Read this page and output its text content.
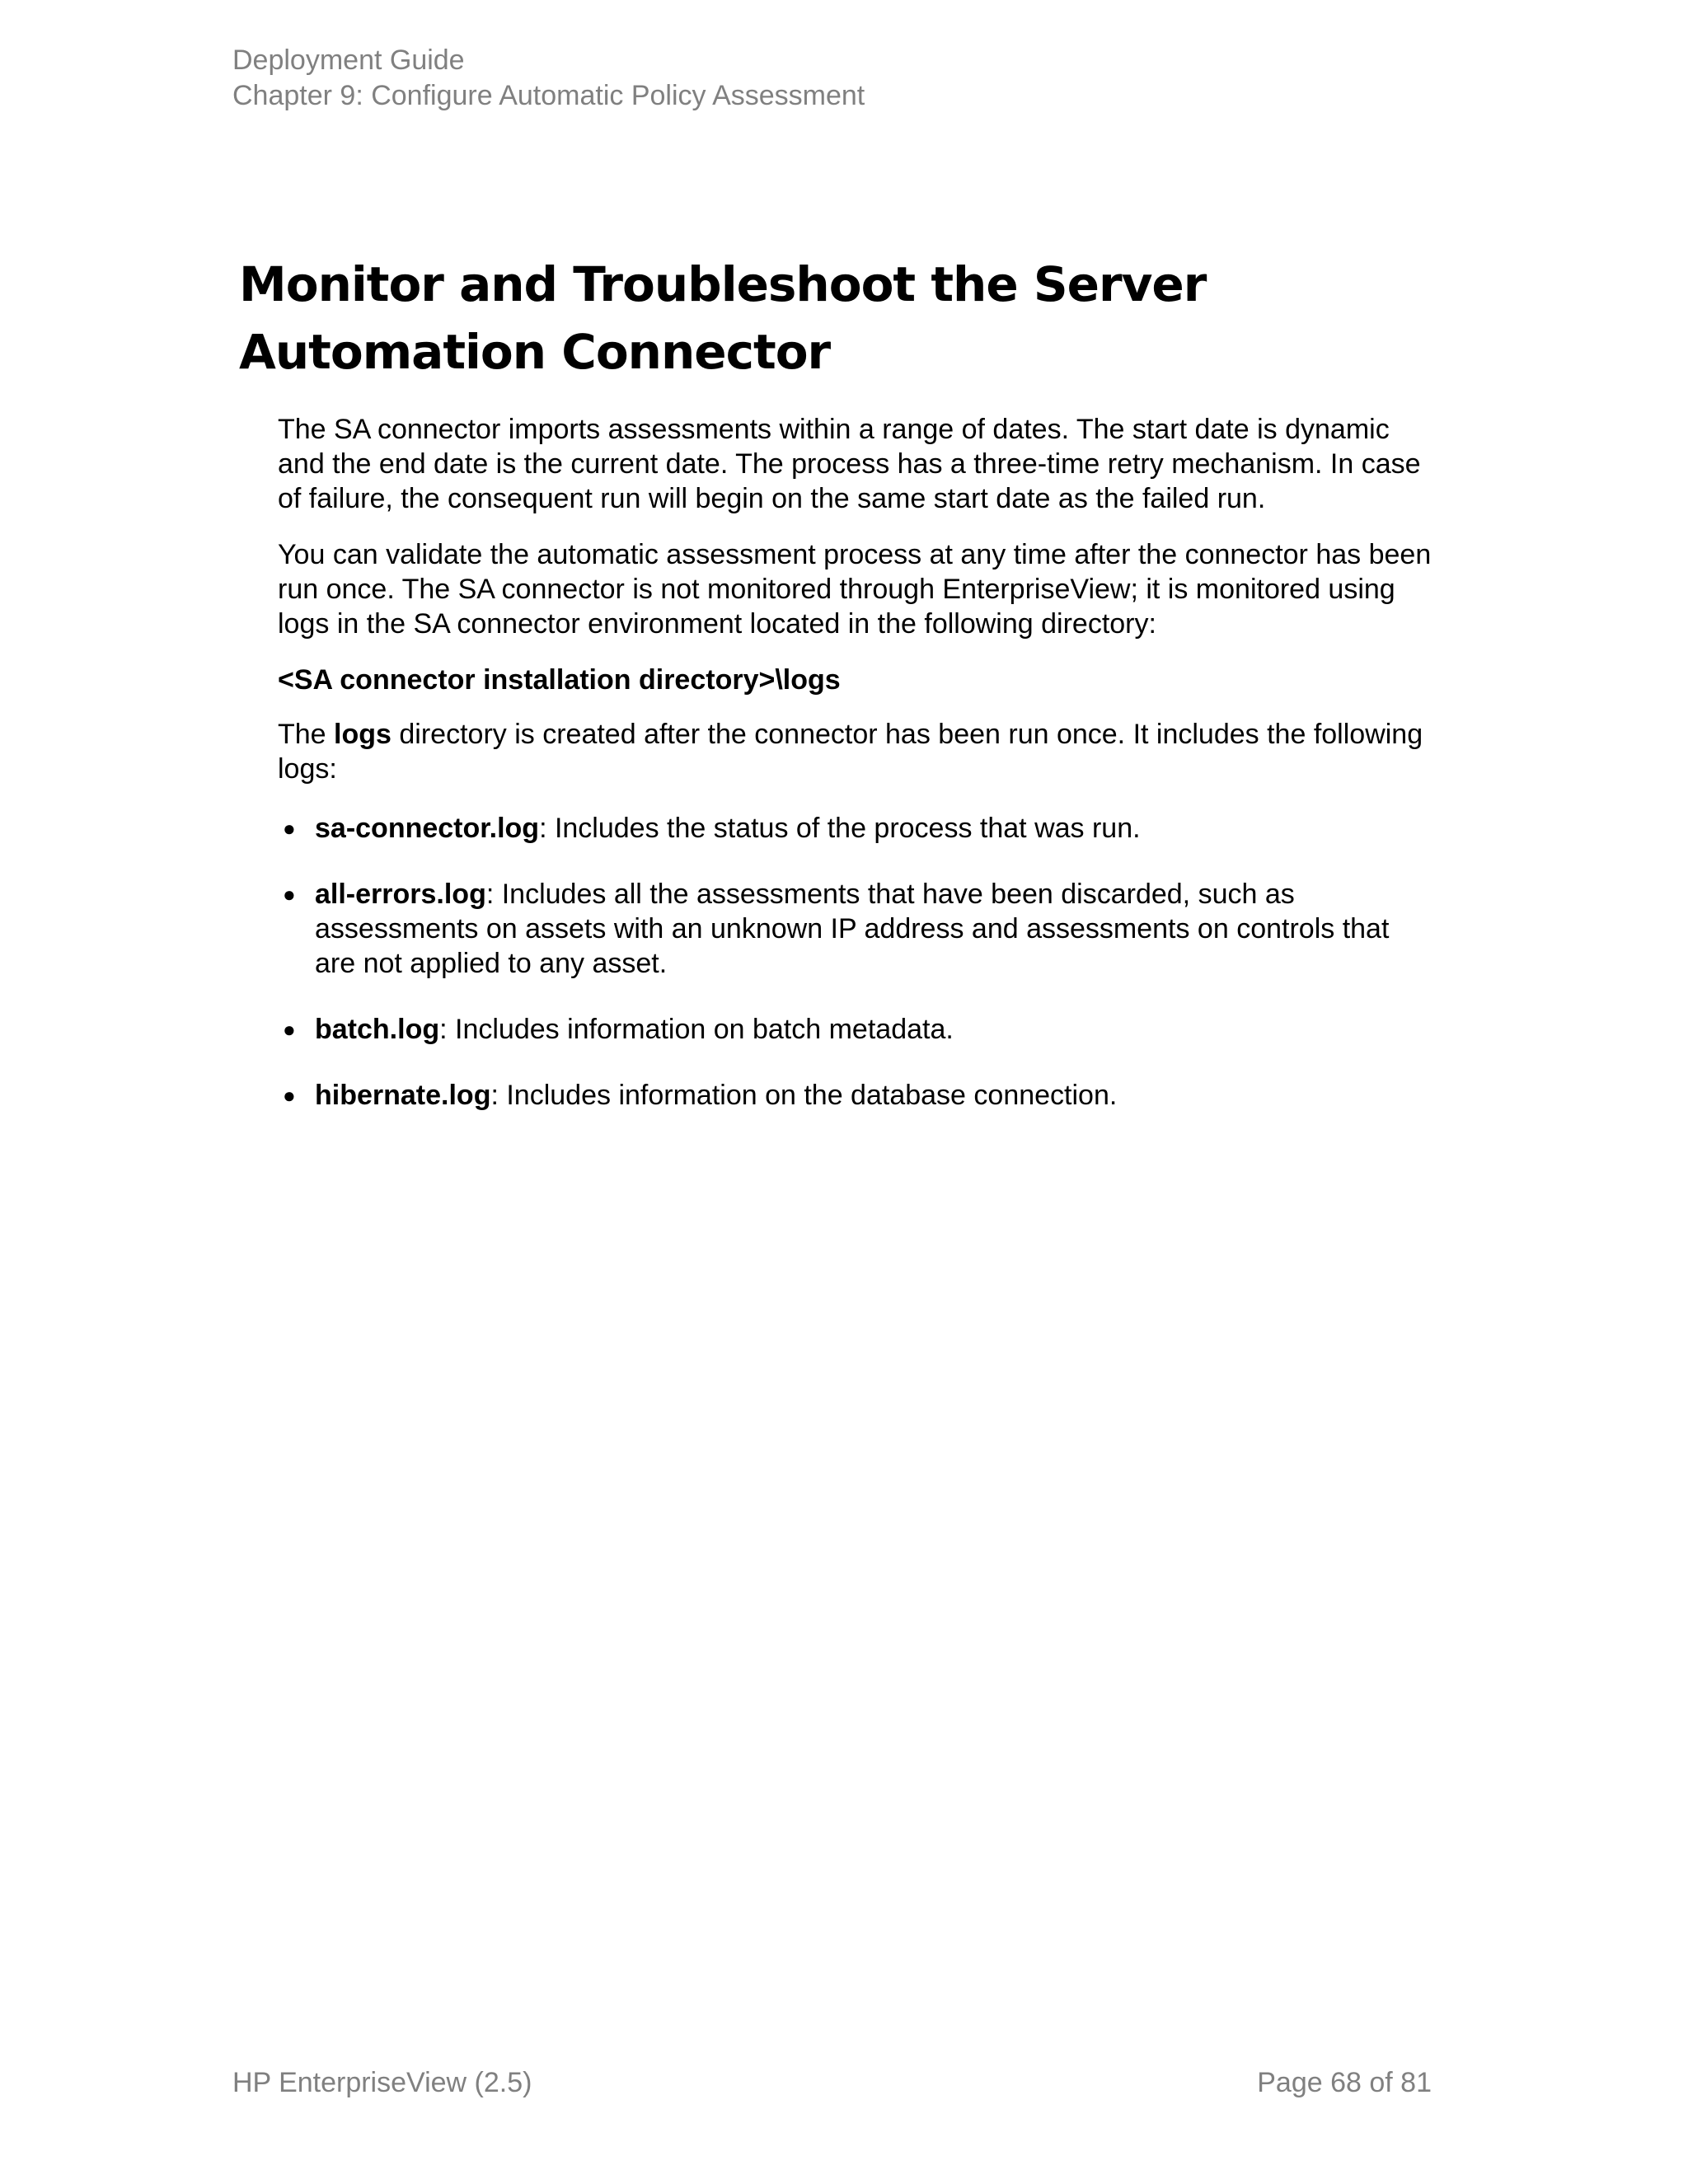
Deployment Guide
Chapter 9: Configure Automatic Policy Assessment
Monitor and Troubleshoot the Server Automation Connector

The SA connector imports assessments within a range of dates. The start date is dynamic and the end date is the current date. The process has a three-time retry mechanism. In case of failure, the consequent run will begin on the same start date as the failed run.

You can validate the automatic assessment process at any time after the connector has been run once. The SA connector is not monitored through EnterpriseView; it is monitored using logs in the SA connector environment located in the following directory:

<SA connector installation directory>\logs

The logs directory is created after the connector has been run once. It includes the following logs:

● sa-connector.log: Includes the status of the process that was run.
● all-errors.log: Includes all the assessments that have been discarded, such as assessments on assets with an unknown IP address and assessments on controls that are not applied to any asset.
● batch.log: Includes information on batch metadata.
● hibernate.log: Includes information on the database connection.
HP EnterpriseView (2.5)	Page 68 of 81
